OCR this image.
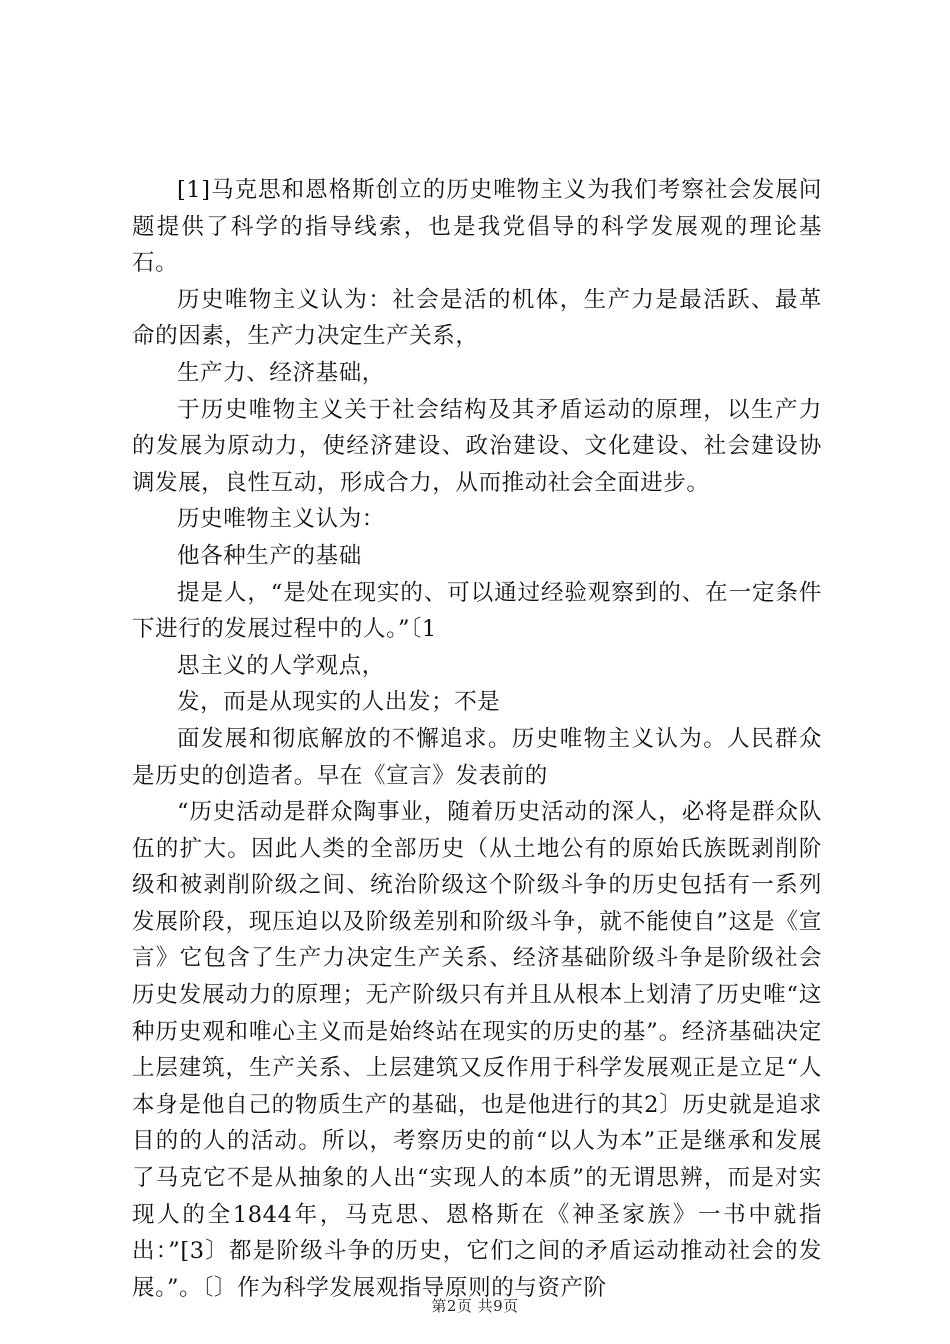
[1]马克思和恩格斯创立的历史唯物主义为我们考察社会发展问题提供了科学的指导线索，也是我党倡导的科学发展观的理论基石。

历史唯物主义认为：社会是活的机体，生产力是最活跃、最革命的因素，生产力决定生产关系，

生产力、经济基础，

于历史唯物主义关于社会结构及其矛盾运动的原理，以生产力的发展为原动力，使经济建设、政治建设、文化建设、社会建设协调发展，良性互动，形成合力，从而推动社会全面进步。

历史唯物主义认为：

他各种生产的基础

提是人，“是处在现实的、可以通过经验观察到的、在一定条件下进行的发展过程中的人。”〔1

思主义的人学观点，

发，而是从现实的人出发；不是

面发展和彻底解放的不懈追求。历史唯物主义认为。人民群众是历史的创造者。早在《宣言》发表前的

“历史活动是群众陶事业，随着历史活动的深人，必将是群众队伍的扩大。因此人类的全部历史（从土地公有的原始氏族既剥削阶级和被剥削阶级之间、统治阶级这个阶级斗争的历史包括有一系列发展阶段，现压迫以及阶级差别和阶级斗争，就不能使自”这是《宣言》它包含了生产力决定生产关系、经济基础阶级斗争是阶级社会历史发展动力的原理；无产阶级只有并且从根本上划清了历史唯“这种历史观和唯心主义而是始终站在现实的历史的基”。经济基础决定上层建筑，生产关系、上层建筑又反作用于科学发展观正是立足“人本身是他自己的物质生产的基础，也是他进行的其2〕历史就是追求目的的人的活动。所以，考察历史的前“以人为本”正是继承和发展了马克它不是从抽象的人出“实现人的本质”的无谓思辨，而是对实现人的全1844年，马克思、恩格斯在《神圣家族》一书中就指出：”[3〕都是阶级斗争的历史，它们之间的矛盾运动推动社会的发展。”。〔〕作为科学发展观指导原则的与资产阶

第2页 共9页
